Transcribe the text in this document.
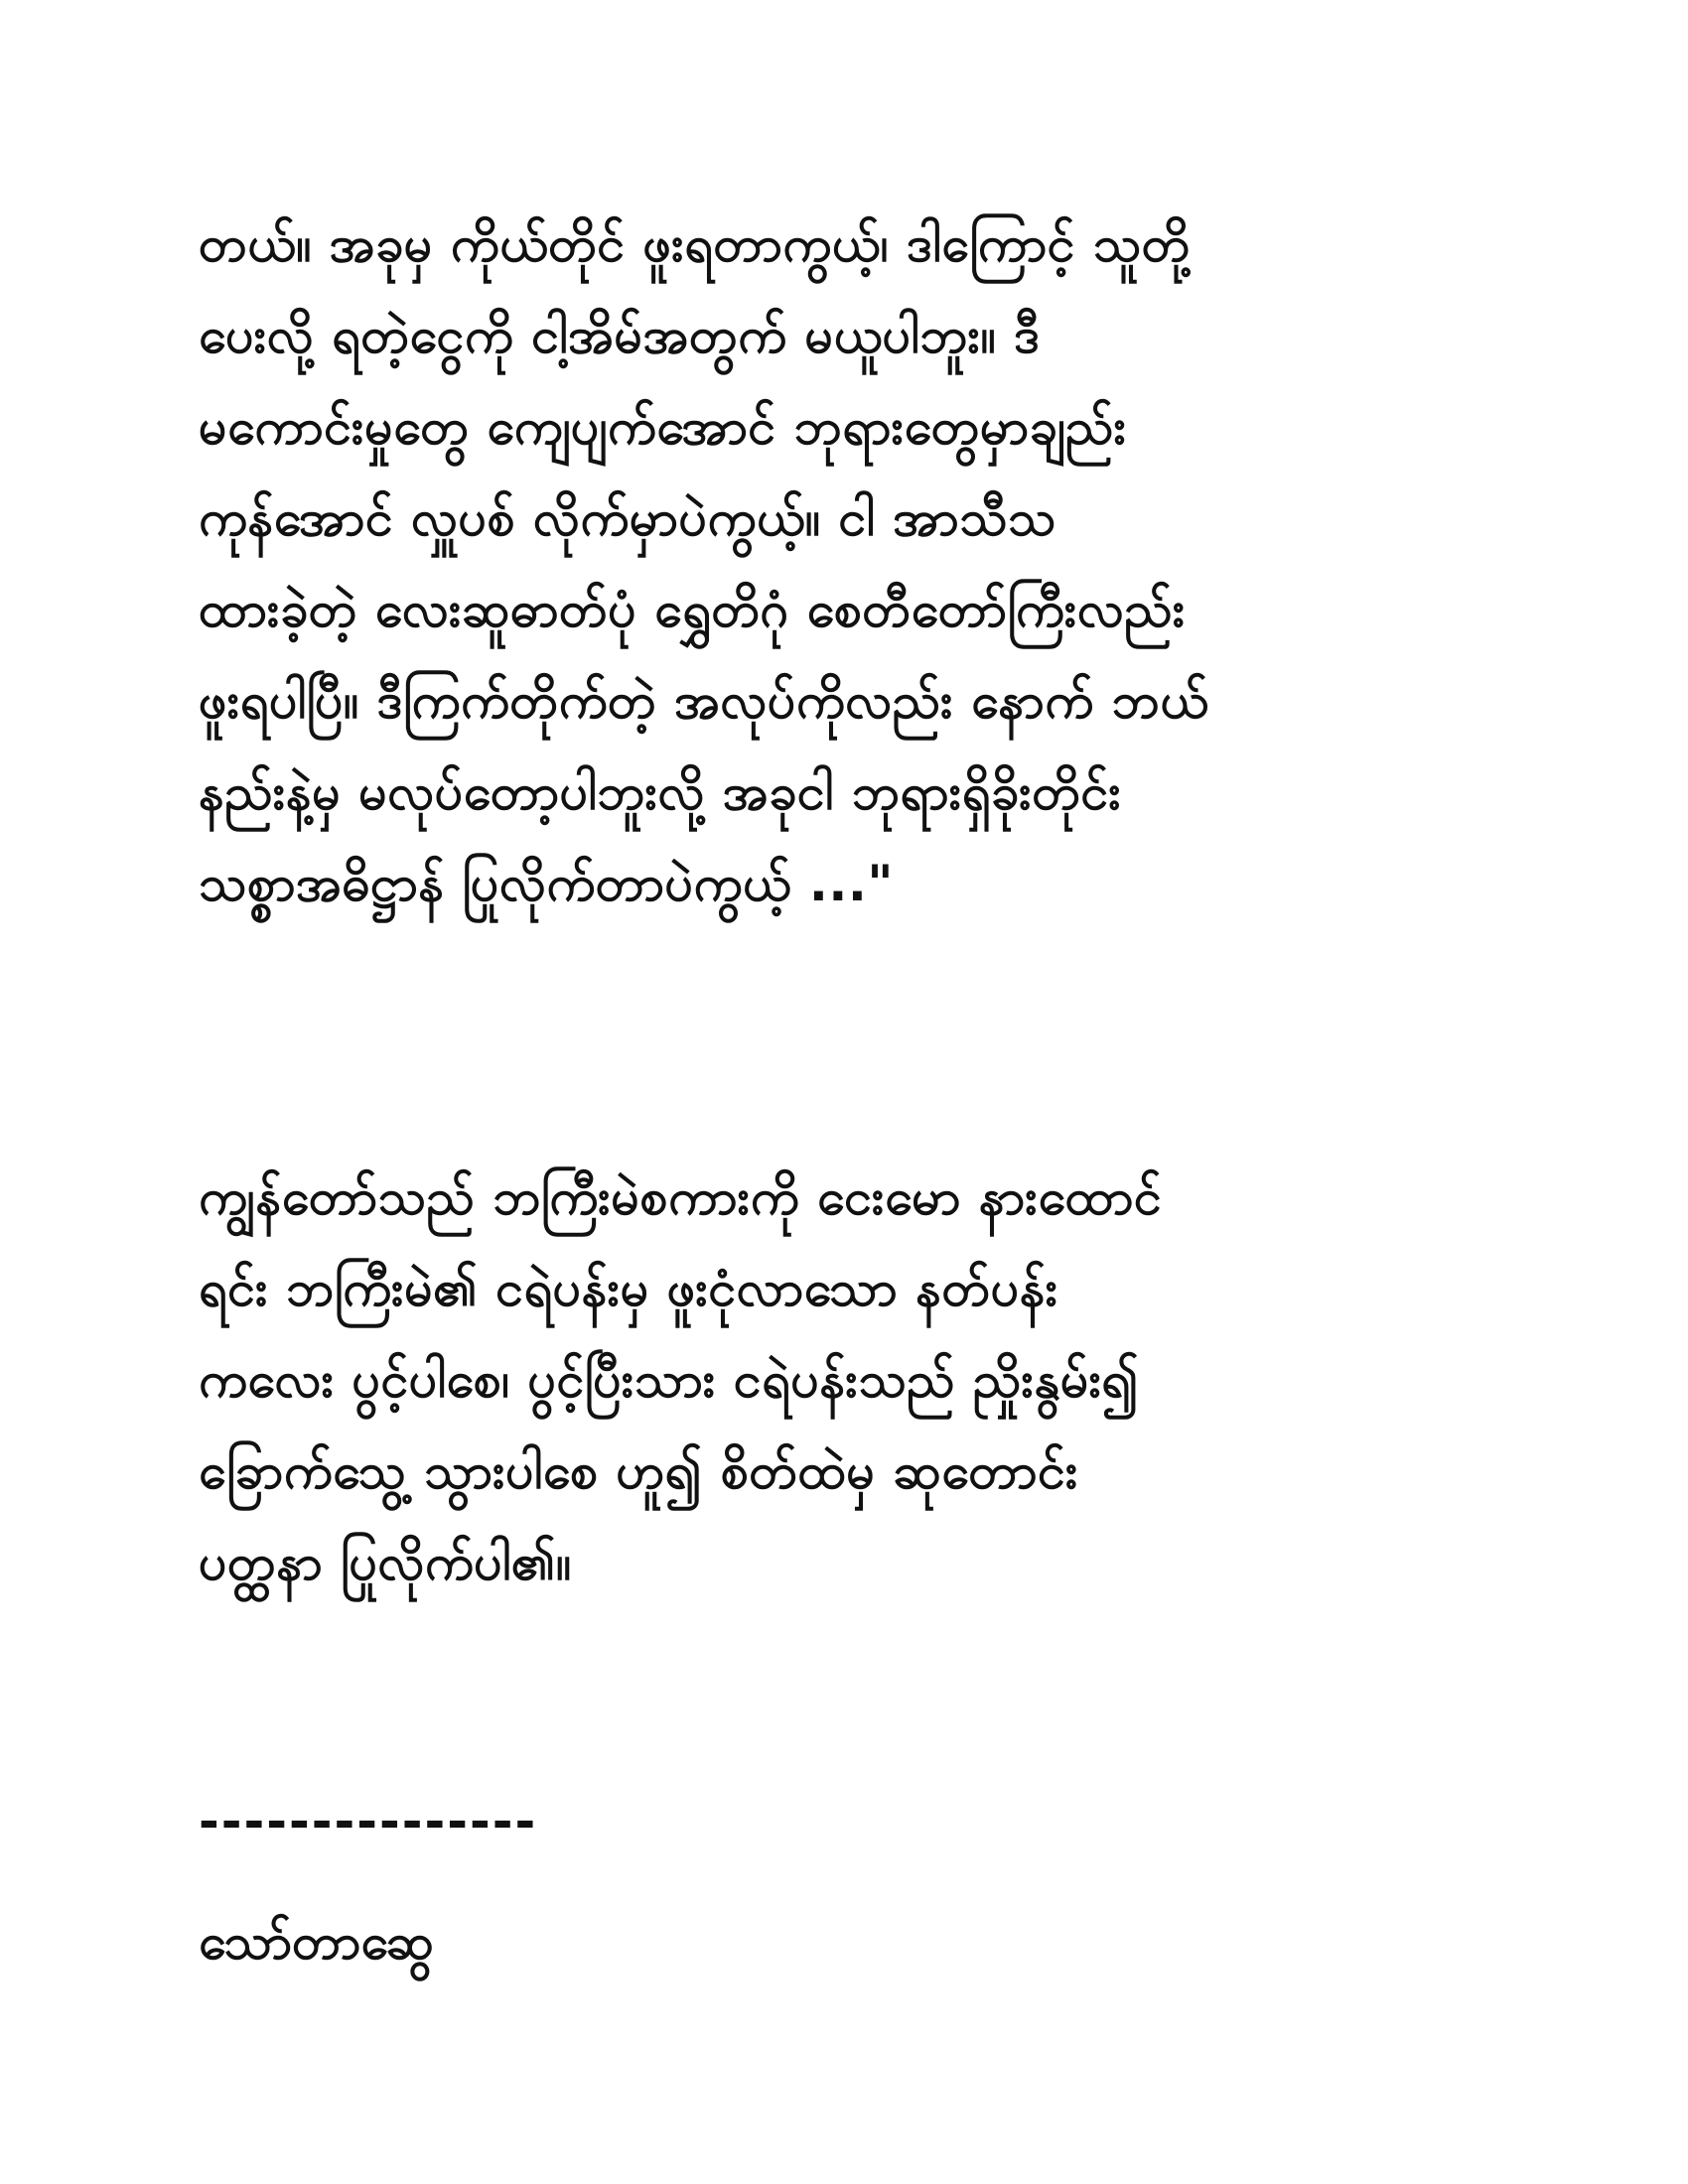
တယ်။ အခုမှ ကိုယ်တိုင် ဖူးရတာကွယ့်၊ ဒါကြောင့် သူတို့
ပေးလို့ ရတဲ့ငွေကို ငါ့အိမ်အတွက် မယူပါဘူး။ ဒီ
မကောင်းမှုတွေ ကျေပျက်အောင် ဘုရားတွေမှာချည်း
ကုန်အောင် လှူပစ် လိုက်မှာပဲကွယ့်။ ငါ အာသီသ
ထားခဲ့တဲ့ လေးဆူဓာတ်ပုံ ရွှေတိဂုံ စေတီတော်ကြီးလည်း
ဖူးရပါပြီ။ ဒီကြက်တိုက်တဲ့ အလုပ်ကိုလည်း နောက် ဘယ်
နည်းနဲ့မှ မလုပ်တော့ပါဘူးလို့ အခုငါ ဘုရားရှိခိုးတိုင်း
သစ္စာအဓိဋ္ဌာန် ပြုလိုက်တာပဲကွယ့် ..."
ကျွန်တော်သည် ဘကြီးမဲစကားကို ငေးမော နားထောင်
ရင်း ဘကြီးမဲ၏ ငရဲပန်းမှ ဖူးငုံလာသော နတ်ပန်း
ကလေး ပွင့်ပါစေ၊ ပွင့်ပြီးသား ငရဲပန်းသည် ညှိုးနွမ်း၍
ခြောက်သွေ့ သွားပါစေ ဟူ၍ စိတ်ထဲမှ ဆုတောင်း
ပတ္ထနာ ပြုလိုက်ပါ၏။
---------------
သော်တာဆွေ
